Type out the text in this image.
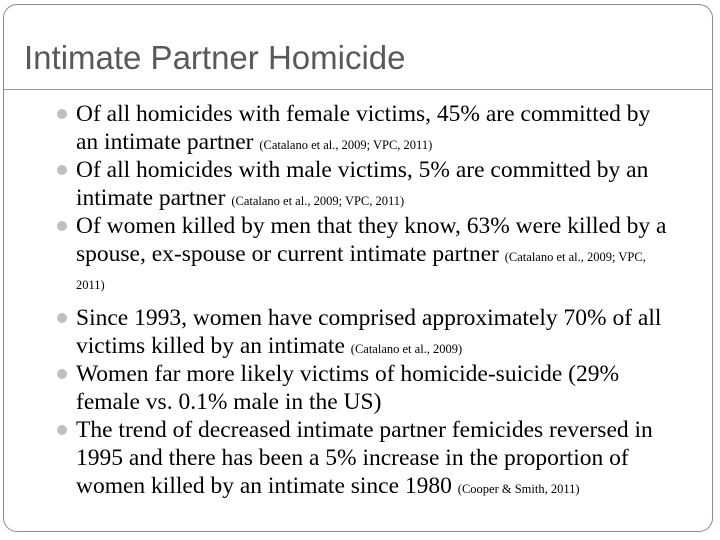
Intimate Partner Homicide
Of all homicides with female victims, 45% are committed by an intimate partner (Catalano et al., 2009; VPC, 2011)
Of all homicides with male victims, 5% are committed by an intimate partner (Catalano et al., 2009; VPC, 2011)
Of women killed by men that they know, 63% were killed by a spouse, ex-spouse or current intimate partner (Catalano et al., 2009; VPC, 2011)
Since 1993, women have comprised approximately 70% of all victims killed by an intimate (Catalano et al., 2009)
Women far more likely victims of homicide-suicide (29% female vs. 0.1% male in the US)
The trend of decreased intimate partner femicides reversed in 1995 and there has been a 5% increase in the proportion of women killed by an intimate since 1980 (Cooper & Smith, 2011)
